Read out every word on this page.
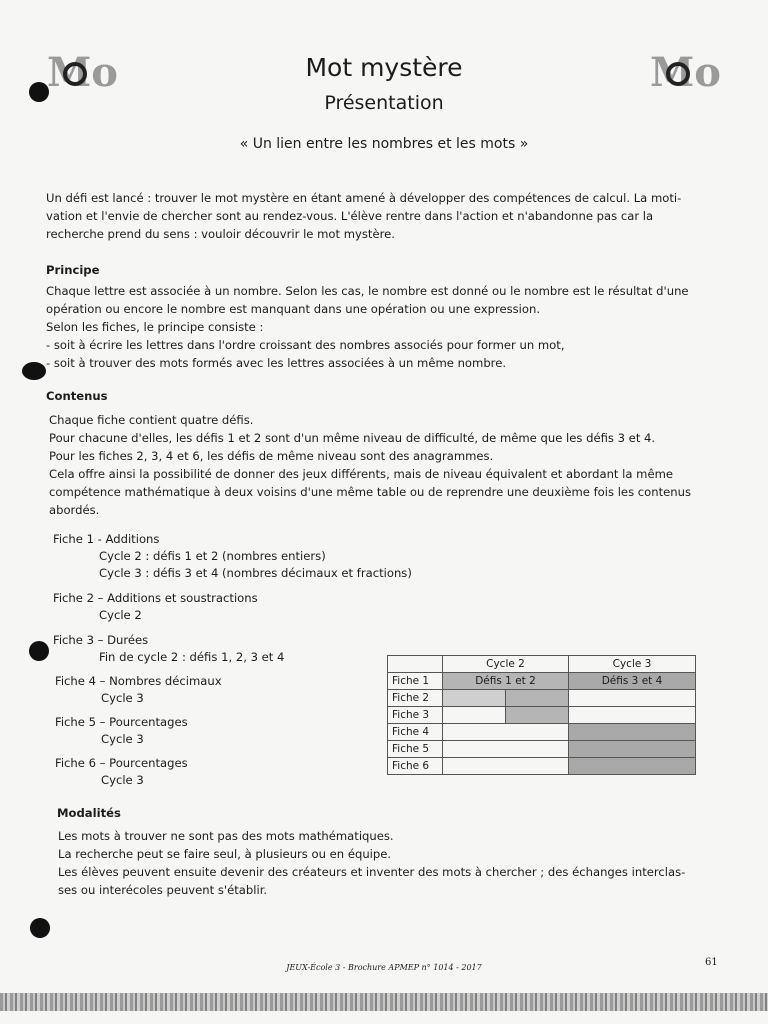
Mo	Mo
Mot mystère
Présentation
« Un lien entre les nombres et les mots »

Un défi est lancé : trouver le mot mystère en étant amené à développer des compétences de calcul. La moti-

vation et l'envie de chercher sont au rendez-vous. L'élève rentre dans l'action et n'abandonne pas car la

recherche prend du sens : vouloir découvrir le mot mystère.

Principe

Chaque lettre est associée à un nombre. Selon les cas, le nombre est donné ou le nombre est le résultat d'une

opération ou encore le nombre est manquant dans une opération ou une expression.

Selon les fiches, le principe consiste :

- soit à écrire les lettres dans l'ordre croissant des nombres associés pour former un mot,

- soit à trouver des mots formés avec les lettres associées à un même nombre.

Contenus

Chaque fiche contient quatre défis.

Pour chacune d'elles, les défis 1 et 2 sont d'un même niveau de difficulté, de même que les défis 3 et 4.

Pour les fiches 2, 3, 4 et 6, les défis de même niveau sont des anagrammes.

Cela offre ainsi la possibilité de donner des jeux différents, mais de niveau équivalent et abordant la même

compétence mathématique à deux voisins d'une même table ou de reprendre une deuxième fois les contenus

abordés.

Fiche 1 - Additions
Cycle 2 : défis 1 et 2 (nombres entiers)
Cycle 3 : défis 3 et 4 (nombres décimaux et fractions)
Fiche 2 – Additions et soustractions
Cycle 2
Fiche 3 – Durées
Fin de cycle 2 : défis 1, 2, 3 et 4
Fiche 4 – Nombres décimaux
Cycle 3
Fiche 5 – Pourcentages
Cycle 3
Fiche 6 – Pourcentages
Cycle 3
	Cycle 2		Cycle 3
Fiche 1	Défis 1 et 2		Défis 3 et 4
Fiche 2			
Fiche 3			
Fiche 4			
Fiche 5			
Fiche 6			
Modalités

Les mots à trouver ne sont pas des mots mathématiques.

La recherche peut se faire seul, à plusieurs ou en équipe.

Les élèves peuvent ensuite devenir des créateurs et inventer des mots à chercher ; des échanges interclas-

ses ou interécoles peuvent s'établir.

JEUX-École 3 - Brochure APMEP n° 1014 - 2017	61
